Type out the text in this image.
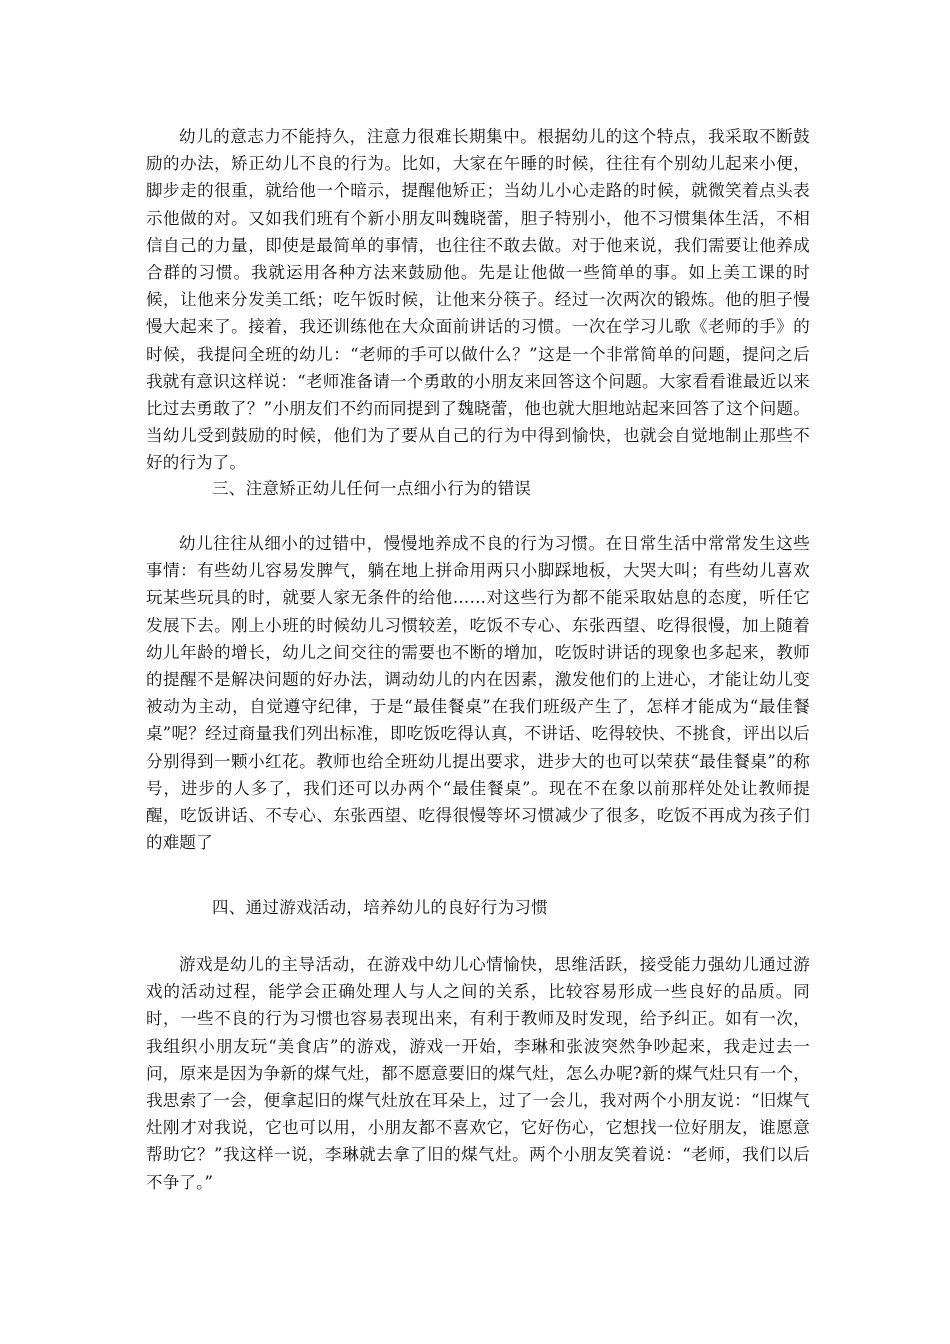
幼儿的意志力不能持久，注意力很难长期集中。根据幼儿的这个特点，我采取不断鼓励的办法，矫正幼儿不良的行为。比如，大家在午睡的时候，往往有个别幼儿起来小便，脚步走的很重，就给他一个暗示，提醒他矫正；当幼儿小心走路的时候，就微笑着点头表示他做的对。又如我们班有个新小朋友叫魏晓蕾，胆子特别小，他不习惯集体生活，不相信自己的力量，即使是最简单的事情，也往往不敢去做。对于他来说，我们需要让他养成合群的习惯。我就运用各种方法来鼓励他。先是让他做一些简单的事。如上美工课的时候，让他来分发美工纸；吃午饭时候，让他来分筷子。经过一次两次的锻炼。他的胆子慢慢大起来了。接着，我还训练他在大众面前讲话的习惯。一次在学习儿歌《老师的手》的时候，我提问全班的幼儿：“老师的手可以做什么？”这是一个非常简单的问题，提问之后我就有意识这样说：“老师准备请一个勇敢的小朋友来回答这个问题。大家看看谁最近以来比过去勇敢了？”小朋友们不约而同提到了魏晓蕾，他也就大胆地站起来回答了这个问题。当幼儿受到鼓励的时候，他们为了要从自己的行为中得到愉快，也就会自觉地制止那些不好的行为了。

三、注意矫正幼儿任何一点细小行为的错误

幼儿往往从细小的过错中，慢慢地养成不良的行为习惯。在日常生活中常常发生这些事情：有些幼儿容易发脾气，躺在地上拼命用两只小脚踩地板，大哭大叫；有些幼儿喜欢玩某些玩具的时，就要人家无条件的给他……对这些行为都不能采取姑息的态度，听任它发展下去。刚上小班的时候幼儿习惯较差，吃饭不专心、东张西望、吃得很慢，加上随着幼儿年龄的增长，幼儿之间交往的需要也不断的增加，吃饭时讲话的现象也多起来，教师的提醒不是解决问题的好办法，调动幼儿的内在因素，激发他们的上进心，才能让幼儿变被动为主动，自觉遵守纪律，于是“最佳餐桌”在我们班级产生了，怎样才能成为“最佳餐桌”呢？经过商量我们列出标准，即吃饭吃得认真，不讲话、吃得较快、不挑食，评出以后分别得到一颗小红花。教师也给全班幼儿提出要求，进步大的也可以荣获“最佳餐桌”的称号，进步的人多了，我们还可以办两个“最佳餐桌”。现在不在象以前那样处处让教师提醒，吃饭讲话、不专心、东张西望、吃得很慢等坏习惯减少了很多，吃饭不再成为孩子们的难题了

四、通过游戏活动，培养幼儿的良好行为习惯

游戏是幼儿的主导活动，在游戏中幼儿心情愉快，思维活跃，接受能力强幼儿通过游戏的活动过程，能学会正确处理人与人之间的关系，比较容易形成一些良好的品质。同时，一些不良的行为习惯也容易表现出来，有利于教师及时发现，给予纠正。如有一次，我组织小朋友玩“美食店”的游戏，游戏一开始，李琳和张波突然争吵起来，我走过去一问，原来是因为争新的煤气灶，都不愿意要旧的煤气灶，怎么办呢?新的煤气灶只有一个，我思索了一会，便拿起旧的煤气灶放在耳朵上，过了一会儿，我对两个小朋友说：“旧煤气灶刚才对我说，它也可以用，小朋友都不喜欢它，它好伤心，它想找一位好朋友，谁愿意帮助它？”我这样一说，李琳就去拿了旧的煤气灶。两个小朋友笑着说：“老师，我们以后不争了。”
